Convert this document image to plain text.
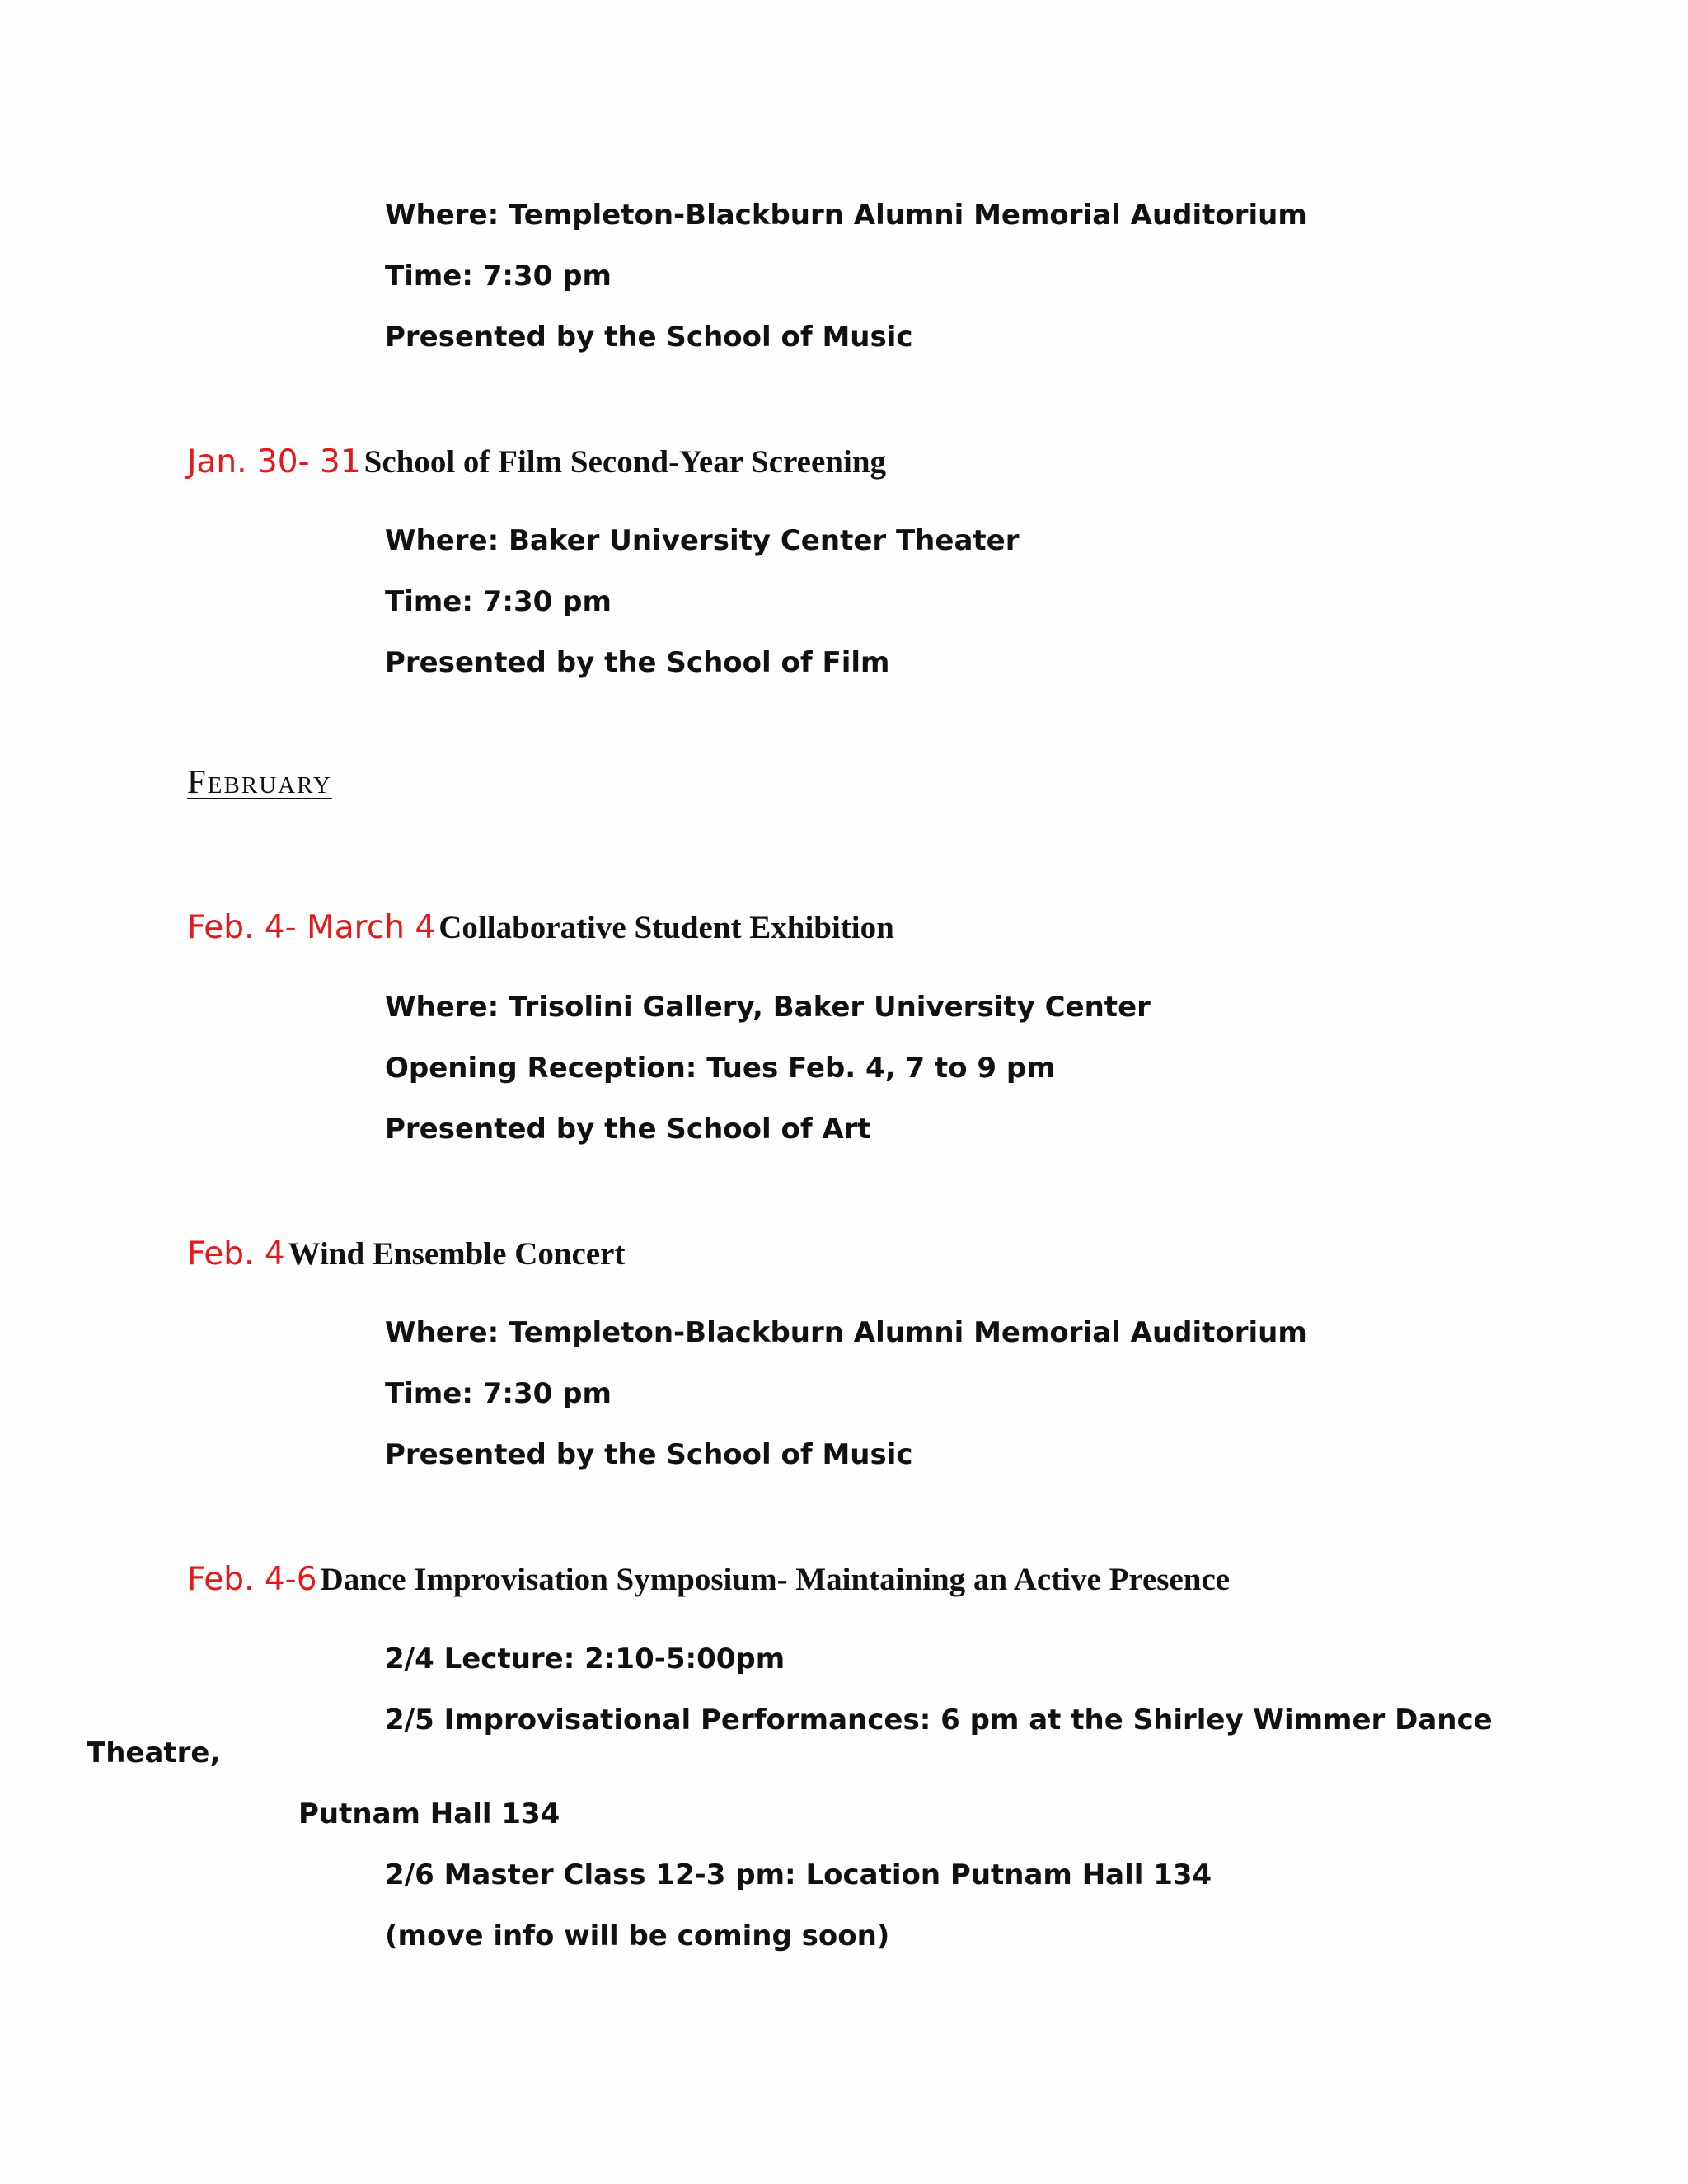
Where: Templeton-Blackburn Alumni Memorial Auditorium
Time: 7:30 pm
Presented by the School of Music
Jan. 30- 31 School of Film Second-Year Screening
Where: Baker University Center Theater
Time: 7:30 pm
Presented by the School of Film
February
Feb. 4- March 4 Collaborative Student Exhibition
Where: Trisolini Gallery, Baker University Center
Opening Reception: Tues Feb. 4, 7 to 9 pm
Presented by the School of Art
Feb. 4 Wind Ensemble Concert
Where: Templeton-Blackburn Alumni Memorial Auditorium
Time: 7:30 pm
Presented by the School of Music
Feb. 4-6 Dance Improvisation Symposium- Maintaining an Active Presence
2/4 Lecture: 2:10-5:00pm
2/5 Improvisational Performances: 6 pm at the Shirley Wimmer Dance
Theatre,
Putnam Hall 134
2/6 Master Class 12-3 pm: Location Putnam Hall 134
(move info will be coming soon)
